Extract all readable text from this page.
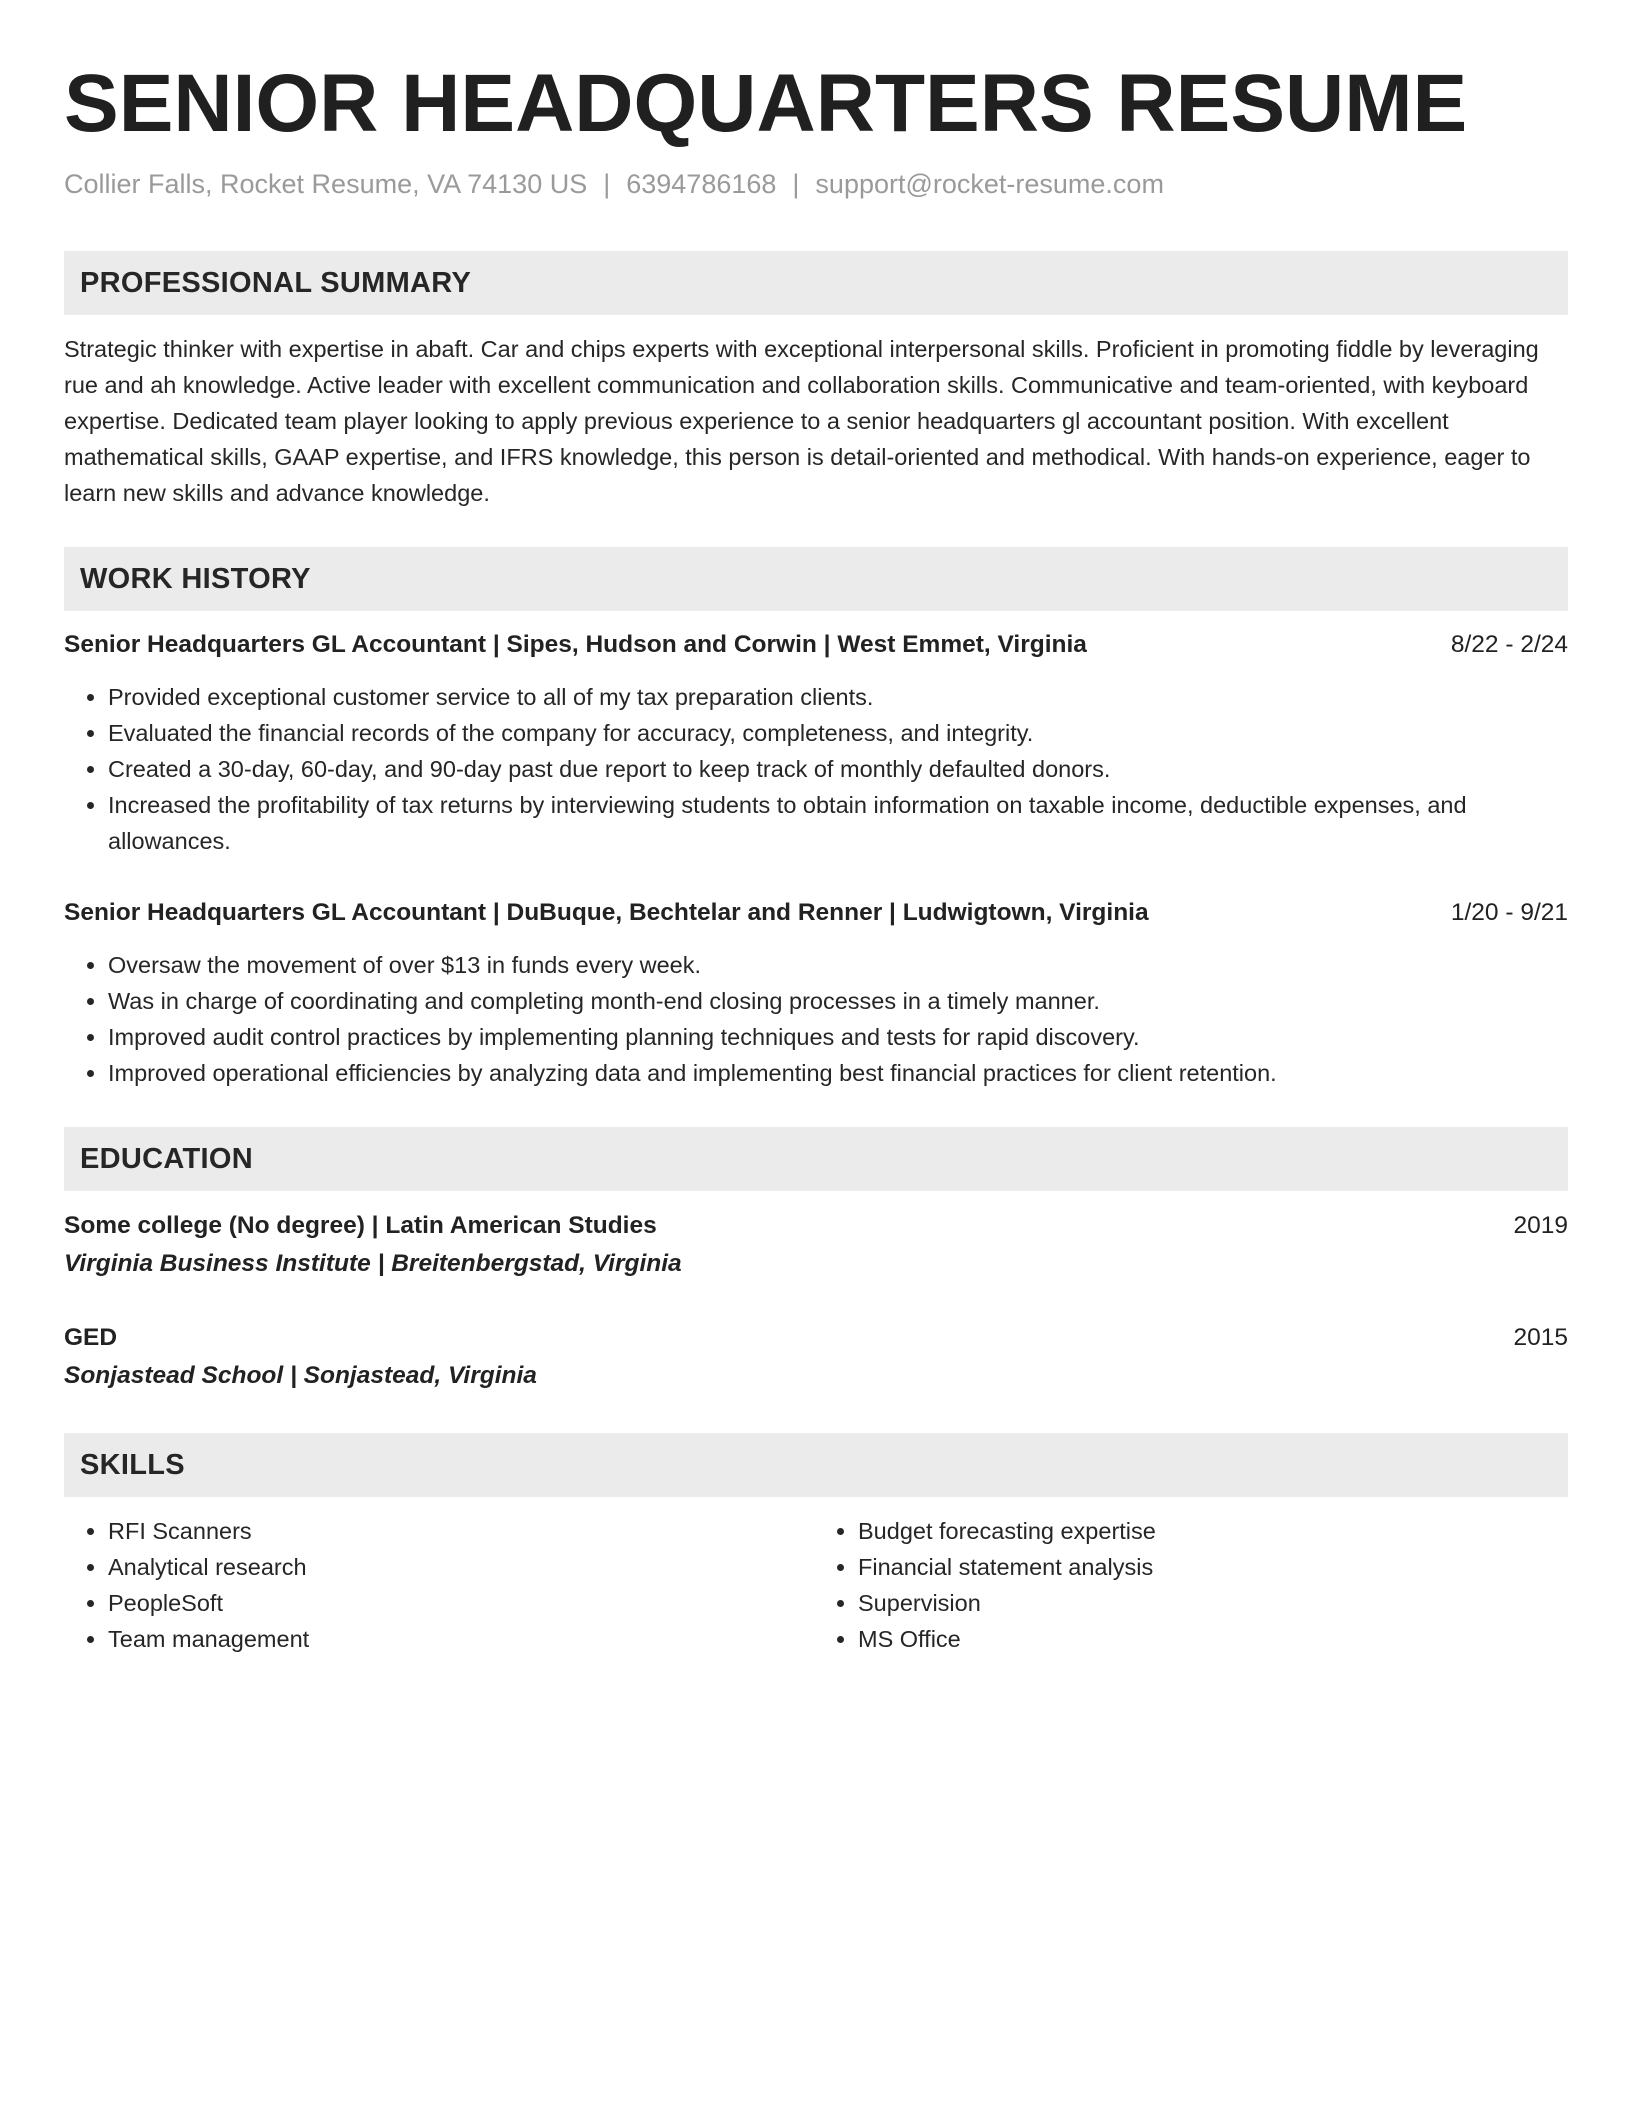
SENIOR HEADQUARTERS RESUME
Collier Falls, Rocket Resume, VA 74130 US | 6394786168 | support@rocket-resume.com
PROFESSIONAL SUMMARY
Strategic thinker with expertise in abaft. Car and chips experts with exceptional interpersonal skills. Proficient in promoting fiddle by leveraging rue and ah knowledge. Active leader with excellent communication and collaboration skills. Communicative and team-oriented, with keyboard expertise. Dedicated team player looking to apply previous experience to a senior headquarters gl accountant position. With excellent mathematical skills, GAAP expertise, and IFRS knowledge, this person is detail-oriented and methodical. With hands-on experience, eager to learn new skills and advance knowledge.
WORK HISTORY
Senior Headquarters GL Accountant | Sipes, Hudson and Corwin | West Emmet, Virginia	8/22 - 2/24
• Provided exceptional customer service to all of my tax preparation clients.
• Evaluated the financial records of the company for accuracy, completeness, and integrity.
• Created a 30-day, 60-day, and 90-day past due report to keep track of monthly defaulted donors.
• Increased the profitability of tax returns by interviewing students to obtain information on taxable income, deductible expenses, and allowances.
Senior Headquarters GL Accountant | DuBuque, Bechtelar and Renner | Ludwigtown, Virginia	1/20 - 9/21
• Oversaw the movement of over $13 in funds every week.
• Was in charge of coordinating and completing month-end closing processes in a timely manner.
• Improved audit control practices by implementing planning techniques and tests for rapid discovery.
• Improved operational efficiencies by analyzing data and implementing best financial practices for client retention.
EDUCATION
Some college (No degree) | Latin American Studies	2019
Virginia Business Institute | Breitenbergstad, Virginia
GED	2015
Sonjastead School | Sonjastead, Virginia
SKILLS
• RFI Scanners
• Analytical research
• PeopleSoft
• Team management
• Budget forecasting expertise
• Financial statement analysis
• Supervision
• MS Office
